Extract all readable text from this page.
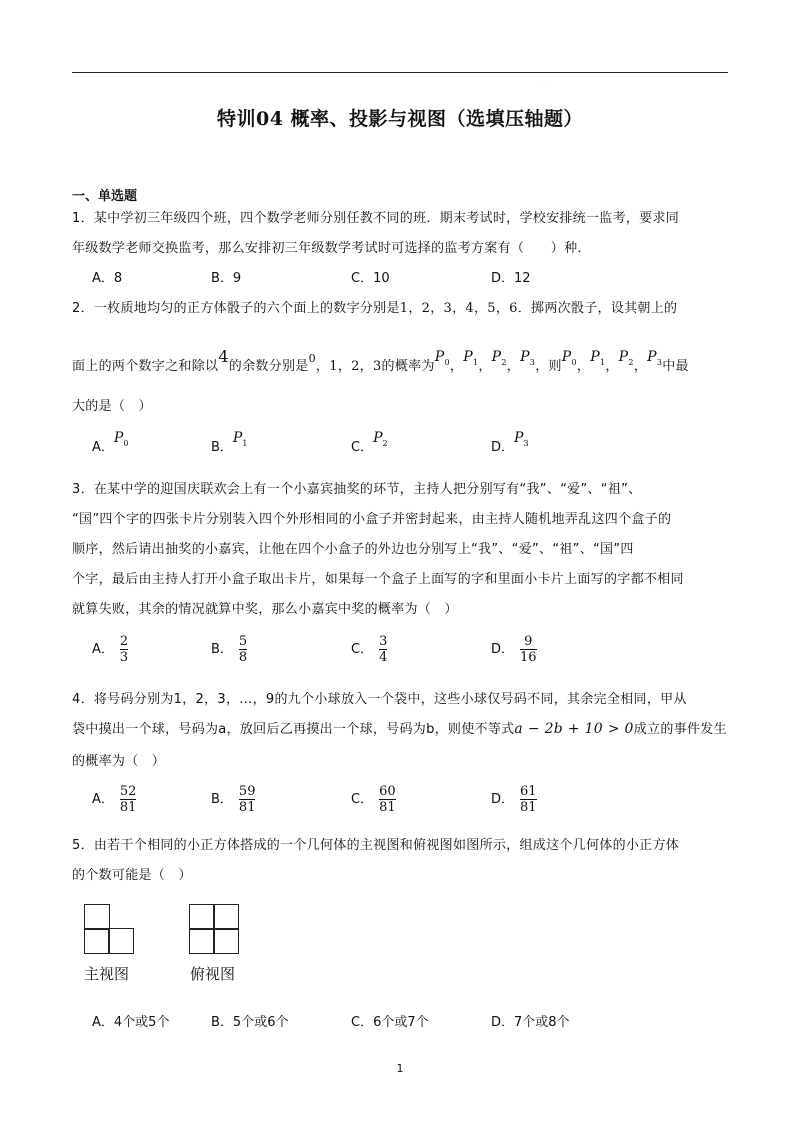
.
特训04 概率、投影与视图（选填压轴题）
一、单选题
1．某中学初三年级四个班，四个数学老师分别任教不同的班．期末考试时，学校安排统一监考，要求同
年级数学老师交换监考，那么安排初三年级数学考试时可选择的监考方案有（　　）种．
A．8	B．9	C．10	D．12
2．一枚质地均匀的正方体骰子的六个面上的数字分别是1，2，3，4，5，6．掷两次骰子，设其朝上的
面上的两个数字之和除以4的余数分别是$^0$，1，2，3的概率为$P_0$，$P_1$，$P_2$，$P_3$，则$P_0$，$P_1$，$P_2$，$P_3$中最
大的是（　）
A．$P_0$	B．$P_1$	C．$P_2$	D．$P_3$
3．在某中学的迎国庆联欢会上有一个小嘉宾抽奖的环节，主持人把分别写有“我”、“爱”、“祖”、
“国”四个字的四张卡片分别装入四个外形相同的小盒子并密封起来，由主持人随机地弄乱这四个盒子的
顺序，然后请出抽奖的小嘉宾，让他在四个小盒子的外边也分别写上“我”、“爱”、“祖”、“国”四
个字，最后由主持人打开小盒子取出卡片，如果每一个盒子上面写的字和里面小卡片上面写的字都不相同
就算失败，其余的情况就算中奖，那么小嘉宾中奖的概率为（　）
A． $\frac{2}{3}$	B． $\frac{5}{8}$	C． $\frac{3}{4}$	D． $\frac{9}{16}$
4．将号码分别为1，2，3，…，9的九个小球放入一个袋中，这些小球仅号码不同，其余完全相同，甲从
袋中摸出一个球，号码为a，放回后乙再摸出一个球，号码为b，则使不等式a − 2b + 10 > 0成立的事件发生
的概率为（　）
A． $\frac{52}{81}$	B． $\frac{59}{81}$	C． $\frac{60}{81}$	D． $\frac{61}{81}$
5．由若干个相同的小正方体搭成的一个几何体的主视图和俯视图如图所示，组成这个几何体的小正方体
的个数可能是（　）
主视图	俯视图
A．4个或5个	B．5个或6个	C．6个或7个	D．7个或8个
1
